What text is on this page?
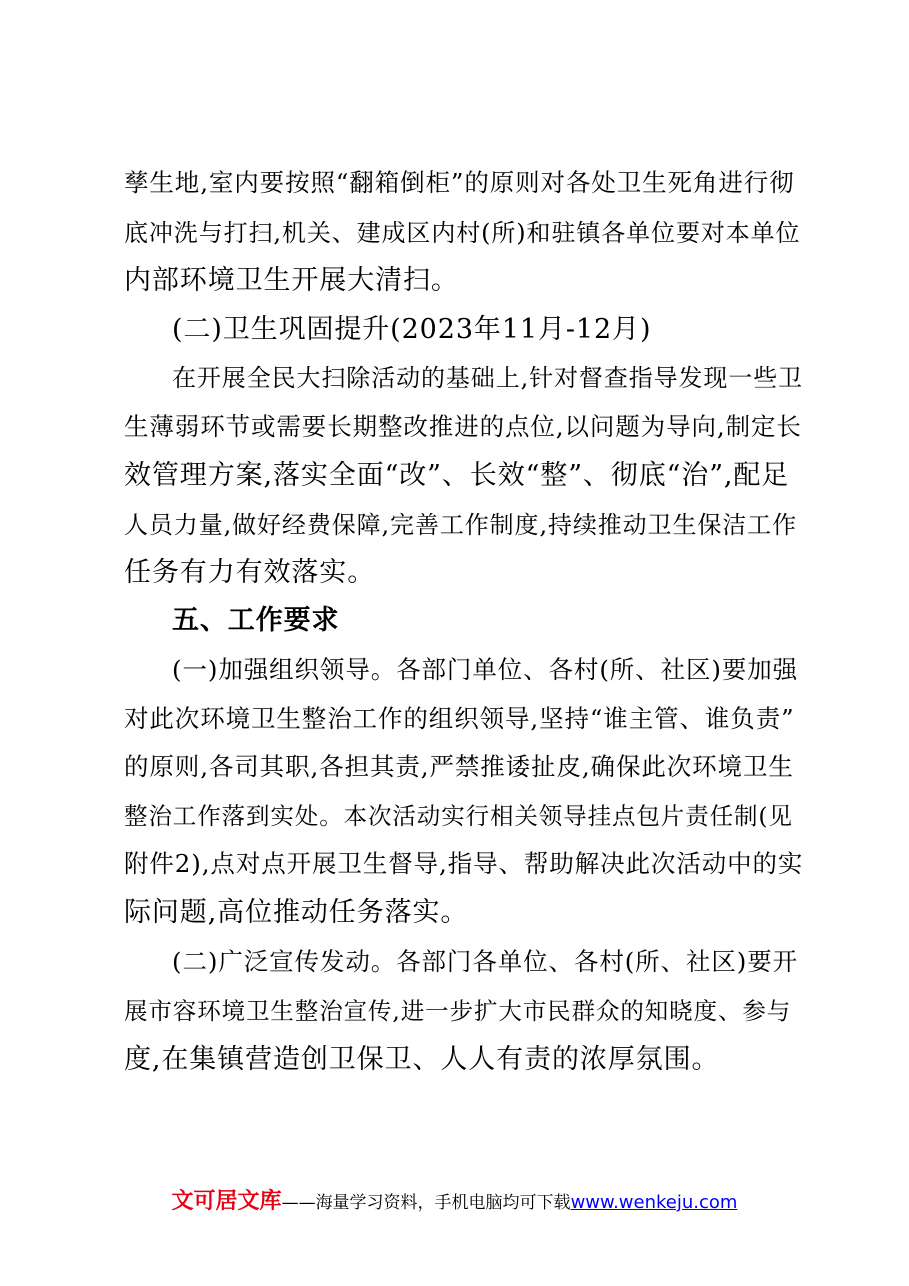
孳生地,室内要按照“翻箱倒柜”的原则对各处卫生死角进行彻
底冲洗与打扫,机关、建成区内村(所)和驻镇各单位要对本单位
内部环境卫生开展大清扫。
(二)卫生巩固提升(2023年11月-12月)
在开展全民大扫除活动的基础上,针对督查指导发现一些卫
生薄弱环节或需要长期整改推进的点位,以问题为导向,制定长
效管理方案,落实全面“改”、长效“整”、彻底“治”,配足
人员力量,做好经费保障,完善工作制度,持续推动卫生保洁工作
任务有力有效落实。
五、工作要求
(一)加强组织领导。各部门单位、各村(所、社区)要加强
对此次环境卫生整治工作的组织领导,坚持“谁主管、谁负责”
的原则,各司其职,各担其责,严禁推诿扯皮,确保此次环境卫生
整治工作落到实处。本次活动实行相关领导挂点包片责任制(见
附件2),点对点开展卫生督导,指导、帮助解决此次活动中的实
际问题,高位推动任务落实。
(二)广泛宣传发动。各部门各单位、各村(所、社区)要开
展市容环境卫生整治宣传,进一步扩大市民群众的知晓度、参与
度,在集镇营造创卫保卫、人人有责的浓厚氛围。
文可居文库——海量学习资料，手机电脑均可下载www.wenkeju.com
